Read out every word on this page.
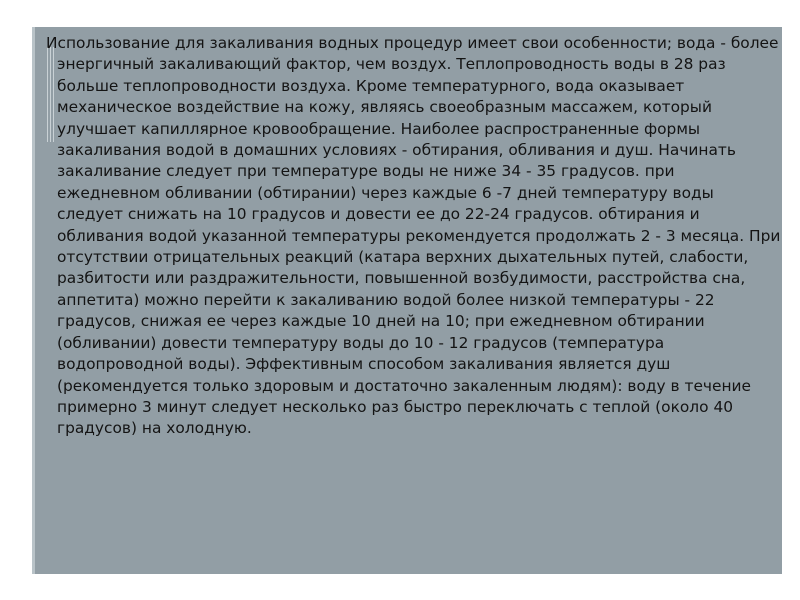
Использование для закаливания водных процедур имеет свои особенности; вода - более энергичный закаливающий фактор, чем воздух. Теплопроводность воды в 28 раз больше теплопроводности воздуха. Кроме температурного, вода оказывает механическое воздействие на кожу, являясь своеобразным массажем, который улучшает капиллярное кровообращение. Наиболее распространенные формы закаливания водой в домашних условиях - обтирания, обливания и душ. Начинать закаливание следует при температуре воды не ниже 34 - 35 градусов. при ежедневном обливании (обтирании) через каждые 6 -7 дней температуру воды следует снижать на 10 градусов и довести ее до 22-24 градусов. обтирания и обливания водой указанной температуры рекомендуется продолжать 2 - 3 месяца. При отсутствии отрицательных реакций (катара верхних дыхательных путей, слабости, разбитости или раздражительности, повышенной возбудимости, расстройства сна, аппетита) можно перейти к закаливанию водой более низкой температуры - 22 градусов, снижая ее через каждые 10 дней на 10; при ежедневном обтирании (обливании) довести температуру воды до 10 - 12 градусов (температура водопроводной воды). Эффективным способом закаливания является душ (рекомендуется только здоровым и достаточно закаленным людям): воду в течение примерно 3 минут следует несколько раз быстро переключать с теплой (около 40 градусов) на холодную.
